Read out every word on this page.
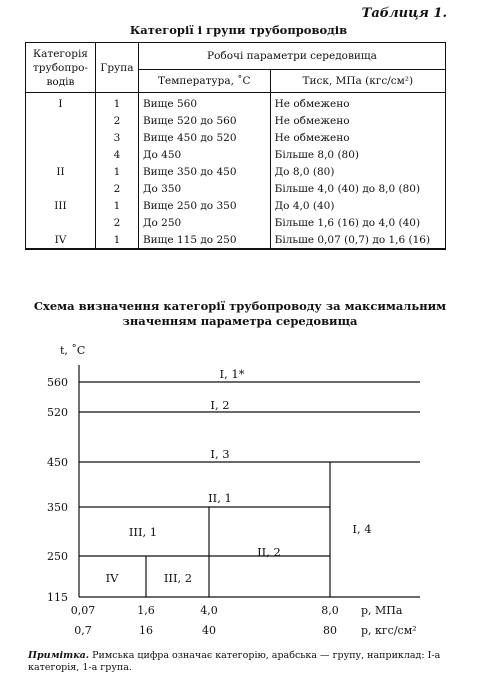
Таблиця 1.
Категорії і групи трубопроводів
Категорія трубопро-водів	Група	Робочі параметри середовища	
		Температура, ˚С	Тиск, МПа (кгс/см²)
I	1	Вище 560	Не обмежено
	2	Вище 520 до 560	Не обмежено
	3	Вище 450 до 520	Не обмежено
	4	До 450	Більше 8,0 (80)
II	1	Вище 350 до 450	До 8,0 (80)
	2	До 350	Більше 4,0 (40) до 8,0 (80)
III	1	Вище 250 до 350	До 4,0 (40)
	2	До 250	Більше 1,6 (16) до 4,0 (40)
IV	1	Вище 115 до 250	Більше 0,07 (0,7) до 1,6 (16)
Схема визначення категорії трубопроводу за максимальним значенням параметра середовища
t, ˚С
560
520
450
350
250
115
0,07	1,6	4,0	8,0 р, МПа
0,7	16	40	80 р, кгс/см²
I, 1*
I, 2
I, 3
II, 1
III, 1
II, 2
I, 4
IV	III, 2
Примітка. Римська цифра означає категорію, арабська — групу, наприклад: I-а категорія, 1-а група.
